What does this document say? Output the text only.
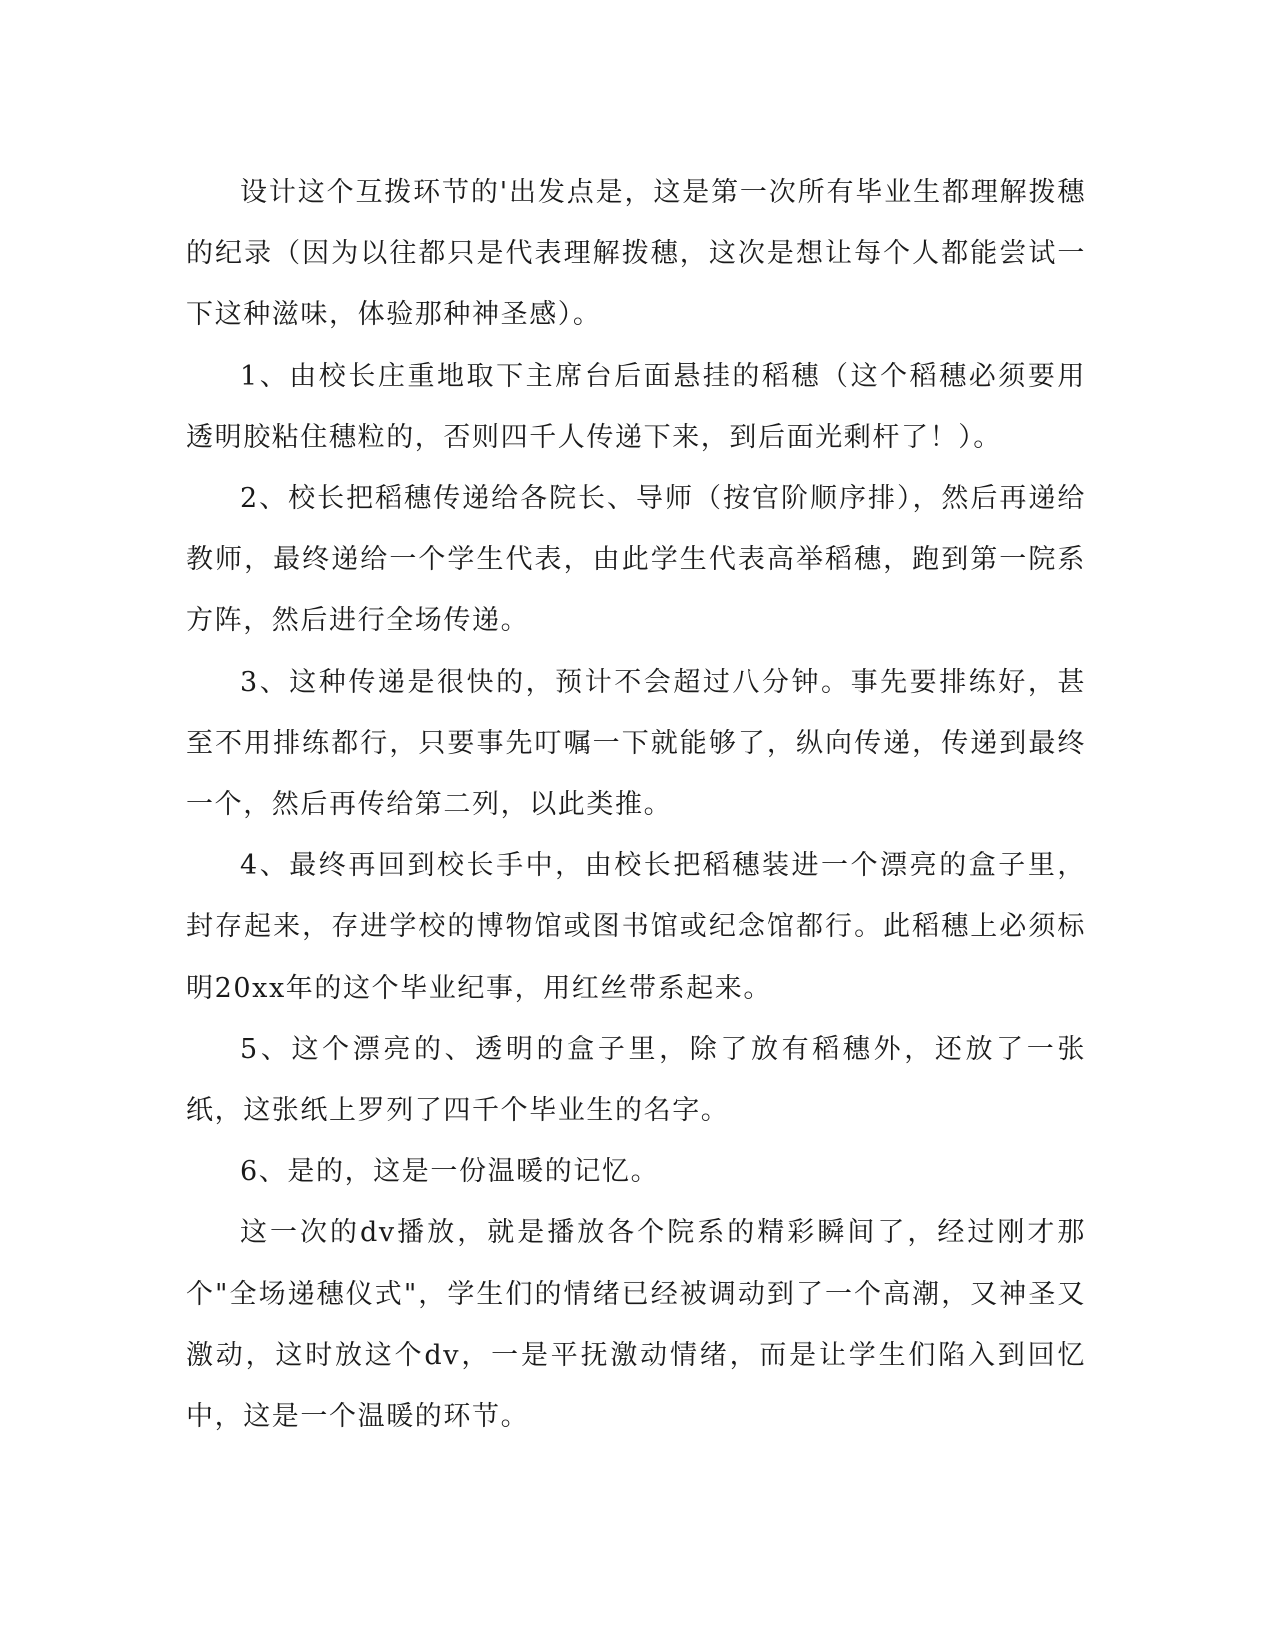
设计这个互拨环节的'出发点是，这是第一次所有毕业生都理解拨穗的纪录（因为以往都只是代表理解拨穗，这次是想让每个人都能尝试一下这种滋味，体验那种神圣感）。

1、由校长庄重地取下主席台后面悬挂的稻穗（这个稻穗必须要用透明胶粘住穗粒的，否则四千人传递下来，到后面光剩杆了！）。

2、校长把稻穗传递给各院长、导师（按官阶顺序排），然后再递给教师，最终递给一个学生代表，由此学生代表高举稻穗，跑到第一院系方阵，然后进行全场传递。

3、这种传递是很快的，预计不会超过八分钟。事先要排练好，甚至不用排练都行，只要事先叮嘱一下就能够了，纵向传递，传递到最终一个，然后再传给第二列，以此类推。

4、最终再回到校长手中，由校长把稻穗装进一个漂亮的盒子里，封存起来，存进学校的博物馆或图书馆或纪念馆都行。此稻穗上必须标明20xx年的这个毕业纪事，用红丝带系起来。

5、这个漂亮的、透明的盒子里，除了放有稻穗外，还放了一张纸，这张纸上罗列了四千个毕业生的名字。

6、是的，这是一份温暖的记忆。

这一次的dv播放，就是播放各个院系的精彩瞬间了，经过刚才那个"全场递穗仪式"，学生们的情绪已经被调动到了一个高潮，又神圣又激动，这时放这个dv，一是平抚激动情绪，而是让学生们陷入到回忆中，这是一个温暖的环节。
